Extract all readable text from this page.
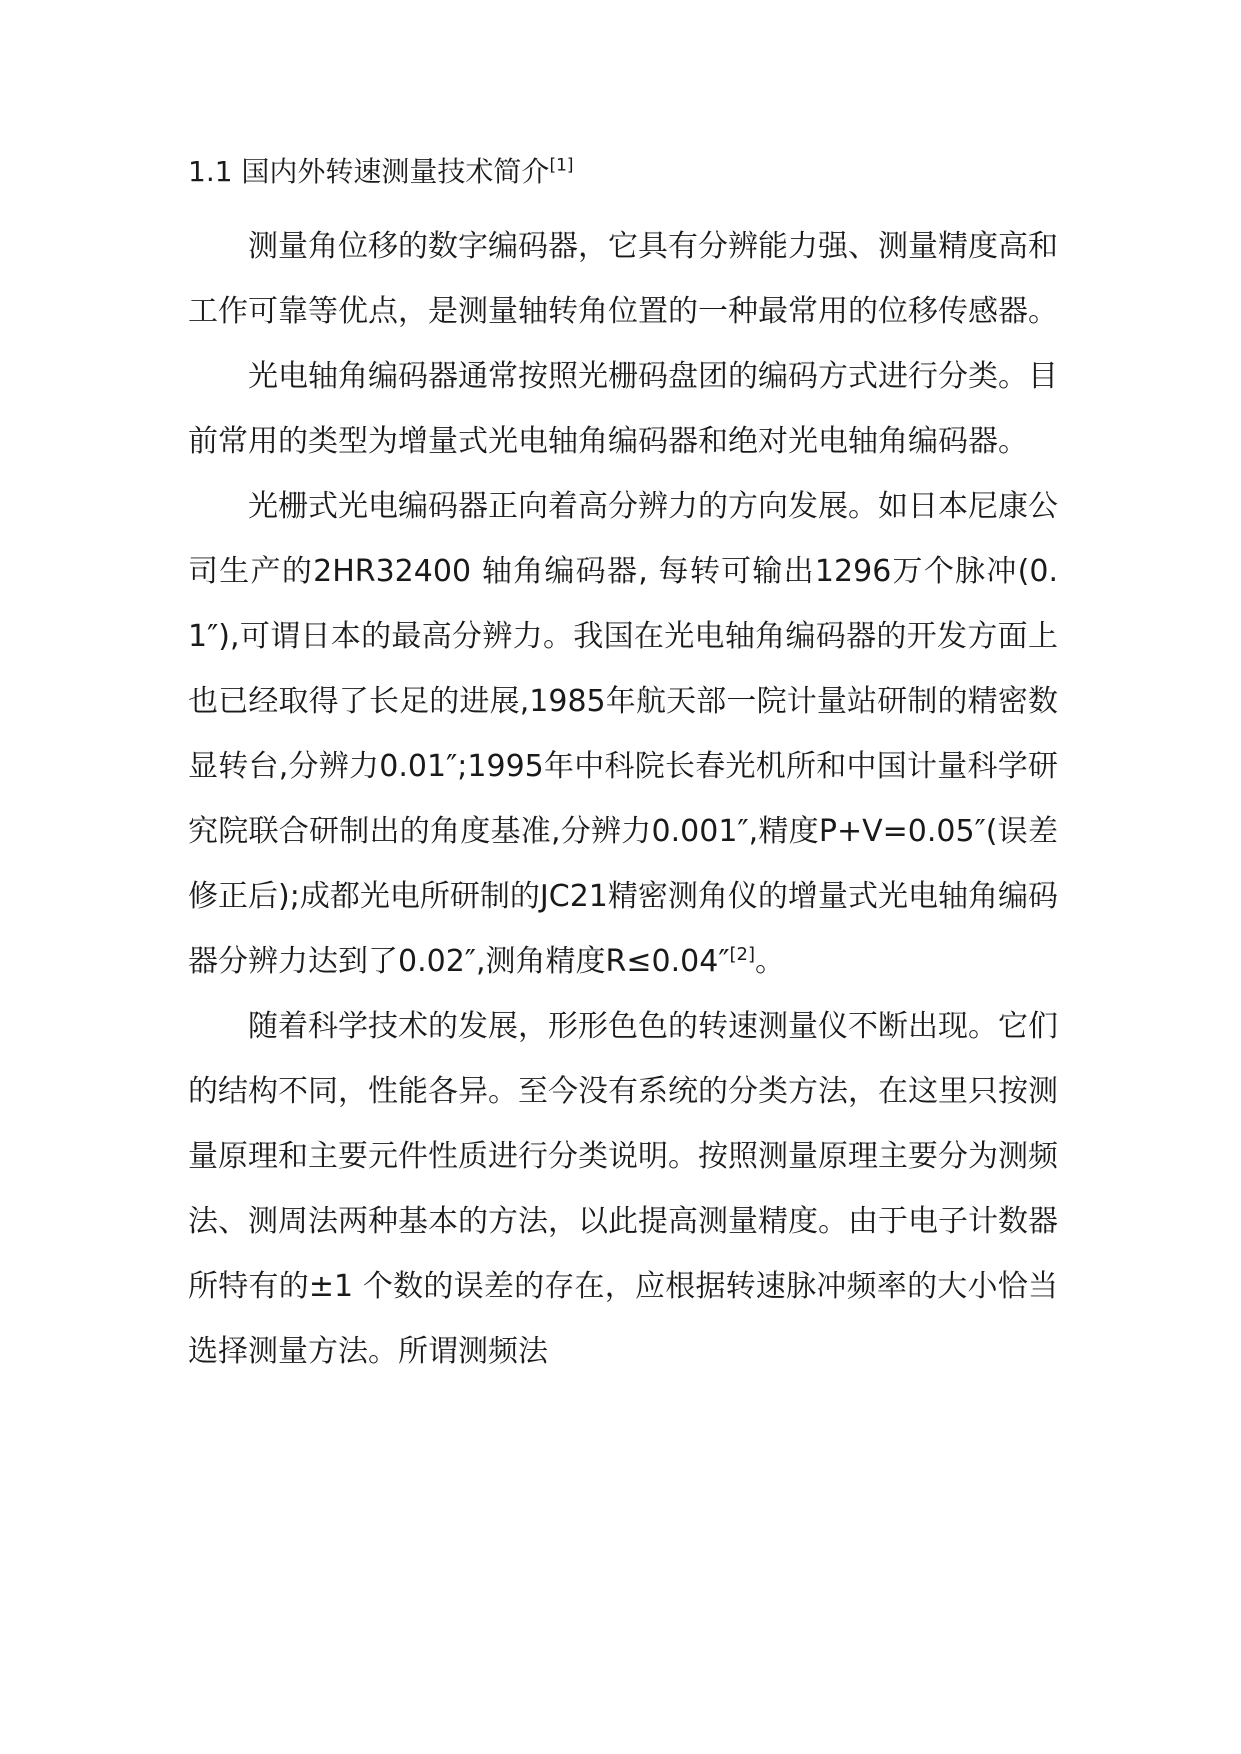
1.1 国内外转速测量技术简介[1]

测量角位移的数字编码器，它具有分辨能力强、测量精度高和工作可靠等优点，是测量轴转角位置的一种最常用的位移传感器。

光电轴角编码器通常按照光栅码盘团的编码方式进行分类。目前常用的类型为增量式光电轴角编码器和绝对光电轴角编码器。

光栅式光电编码器正向着高分辨力的方向发展。如日本尼康公司生产的2HR32400 轴角编码器, 每转可输出1296万个脉冲(0.1″),可谓日本的最高分辨力。我国在光电轴角编码器的开发方面上也已经取得了长足的进展,1985年航天部一院计量站研制的精密数显转台,分辨力0.01″;1995年中科院长春光机所和中国计量科学研究院联合研制出的角度基准,分辨力0.001″,精度P+V=0.05″(误差修正后);成都光电所研制的JC21精密测角仪的增量式光电轴角编码器分辨力达到了0.02″,测角精度R≤0.04″[2]。

随着科学技术的发展，形形色色的转速测量仪不断出现。它们的结构不同，性能各异。至今没有系统的分类方法，在这里只按测量原理和主要元件性质进行分类说明。按照测量原理主要分为测频法、测周法两种基本的方法，以此提高测量精度。由于电子计数器所特有的±1 个数的误差的存在，应根据转速脉冲频率的大小恰当选择测量方法。所谓测频法
